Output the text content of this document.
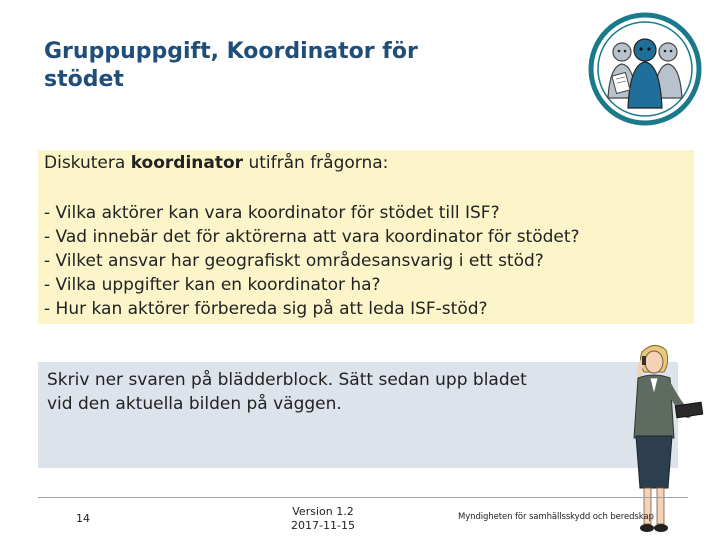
Gruppuppgift, Koordinator för
stödet
Diskutera koordinator utifrån frågorna:
- Vilka aktörer kan vara koordinator för stödet till ISF?
- Vad innebär det för aktörerna att vara koordinator för stödet?
- Vilket ansvar har geografiskt områdesansvarig i ett stöd?
- Vilka uppgifter kan en koordinator ha?
- Hur kan aktörer förbereda sig på att leda ISF-stöd?
Skriv ner svaren på blädderblock. Sätt sedan upp bladet
vid den aktuella bilden på väggen.
14
Version 1.2
2017-11-15
Myndigheten för samhällsskydd och beredskap
